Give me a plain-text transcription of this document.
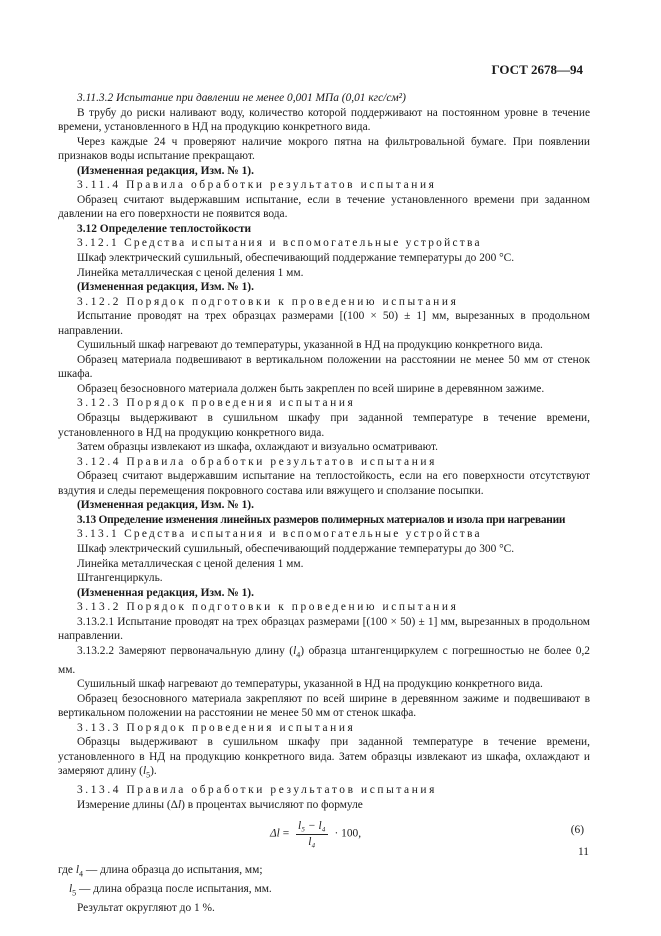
ГОСТ 2678—94
3.11.3.2 Испытание при давлении не менее 0,001 МПа (0,01 кгс/см²)
В трубу до риски наливают воду, количество которой поддерживают на постоянном уровне в течение времени, установленного в НД на продукцию конкретного вида.
Через каждые 24 ч проверяют наличие мокрого пятна на фильтровальной бумаге. При появлении признаков воды испытание прекращают.
(Измененная редакция, Изм. № 1).
3.11.4 Правила обработки результатов испытания
Образец считают выдержавшим испытание, если в течение установленного времени при заданном давлении на его поверхности не появится вода.
3.12 Определение теплостойкости
3.12.1 Средства испытания и вспомогательные устройства
Шкаф электрический сушильный, обеспечивающий поддержание температуры до 200 °С.
Линейка металлическая с ценой деления 1 мм.
(Измененная редакция, Изм. № 1).
3.12.2 Порядок подготовки к проведению испытания
Испытание проводят на трех образцах размерами [(100 × 50) ± 1] мм, вырезанных в продольном направлении.
Сушильный шкаф нагревают до температуры, указанной в НД на продукцию конкретного вида.
Образец материала подвешивают в вертикальном положении на расстоянии не менее 50 мм от стенок шкафа.
Образец безосновного материала должен быть закреплен по всей ширине в деревянном зажиме.
3.12.3 Порядок проведения испытания
Образцы выдерживают в сушильном шкафу при заданной температуре в течение времени, установленного в НД на продукцию конкретного вида.
Затем образцы извлекают из шкафа, охлаждают и визуально осматривают.
3.12.4 Правила обработки результатов испытания
Образец считают выдержавшим испытание на теплостойкость, если на его поверхности отсутствуют вздутия и следы перемещения покровного состава или вяжущего и сползание посыпки.
(Измененная редакция, Изм. № 1).
3.13 Определение изменения линейных размеров полимерных материалов и изола при нагревании
3.13.1 Средства испытания и вспомогательные устройства
Шкаф электрический сушильный, обеспечивающий поддержание температуры до 300 °С.
Линейка металлическая с ценой деления 1 мм.
Штангенциркуль.
(Измененная редакция, Изм. № 1).
3.13.2 Порядок подготовки к проведению испытания
3.13.2.1 Испытание проводят на трех образцах размерами [(100 × 50) ± 1] мм, вырезанных в продольном направлении.
3.13.2.2 Замеряют первоначальную длину $(l_4)$ образца штангенциркулем с погрешностью не более 0,2 мм.
Сушильный шкаф нагревают до температуры, указанной в НД на продукцию конкретного вида.
Образец безосновного материала закрепляют по всей ширине в деревянном зажиме и подвешивают в вертикальном положении на расстоянии не менее 50 мм от стенок шкафа.
3.13.3 Порядок проведения испытания
Образцы выдерживают в сушильном шкафу при заданной температуре в течение времени, установленного в НД на продукцию конкретного вида. Затем образцы извлекают из шкафа, охлаждают и замеряют длину $(l_5)$.
3.13.4 Правила обработки результатов испытания
Измерение длины (Δl) в процентах вычисляют по формуле
$\Delta l = \frac{\text{l₅ − l₄}}{\text{l₄}} \cdot 100$,	(6)
где $l_4$ — длина образца до испытания, мм;
$l_5$ — длина образца после испытания, мм.
Результат округляют до 1 %.
11
